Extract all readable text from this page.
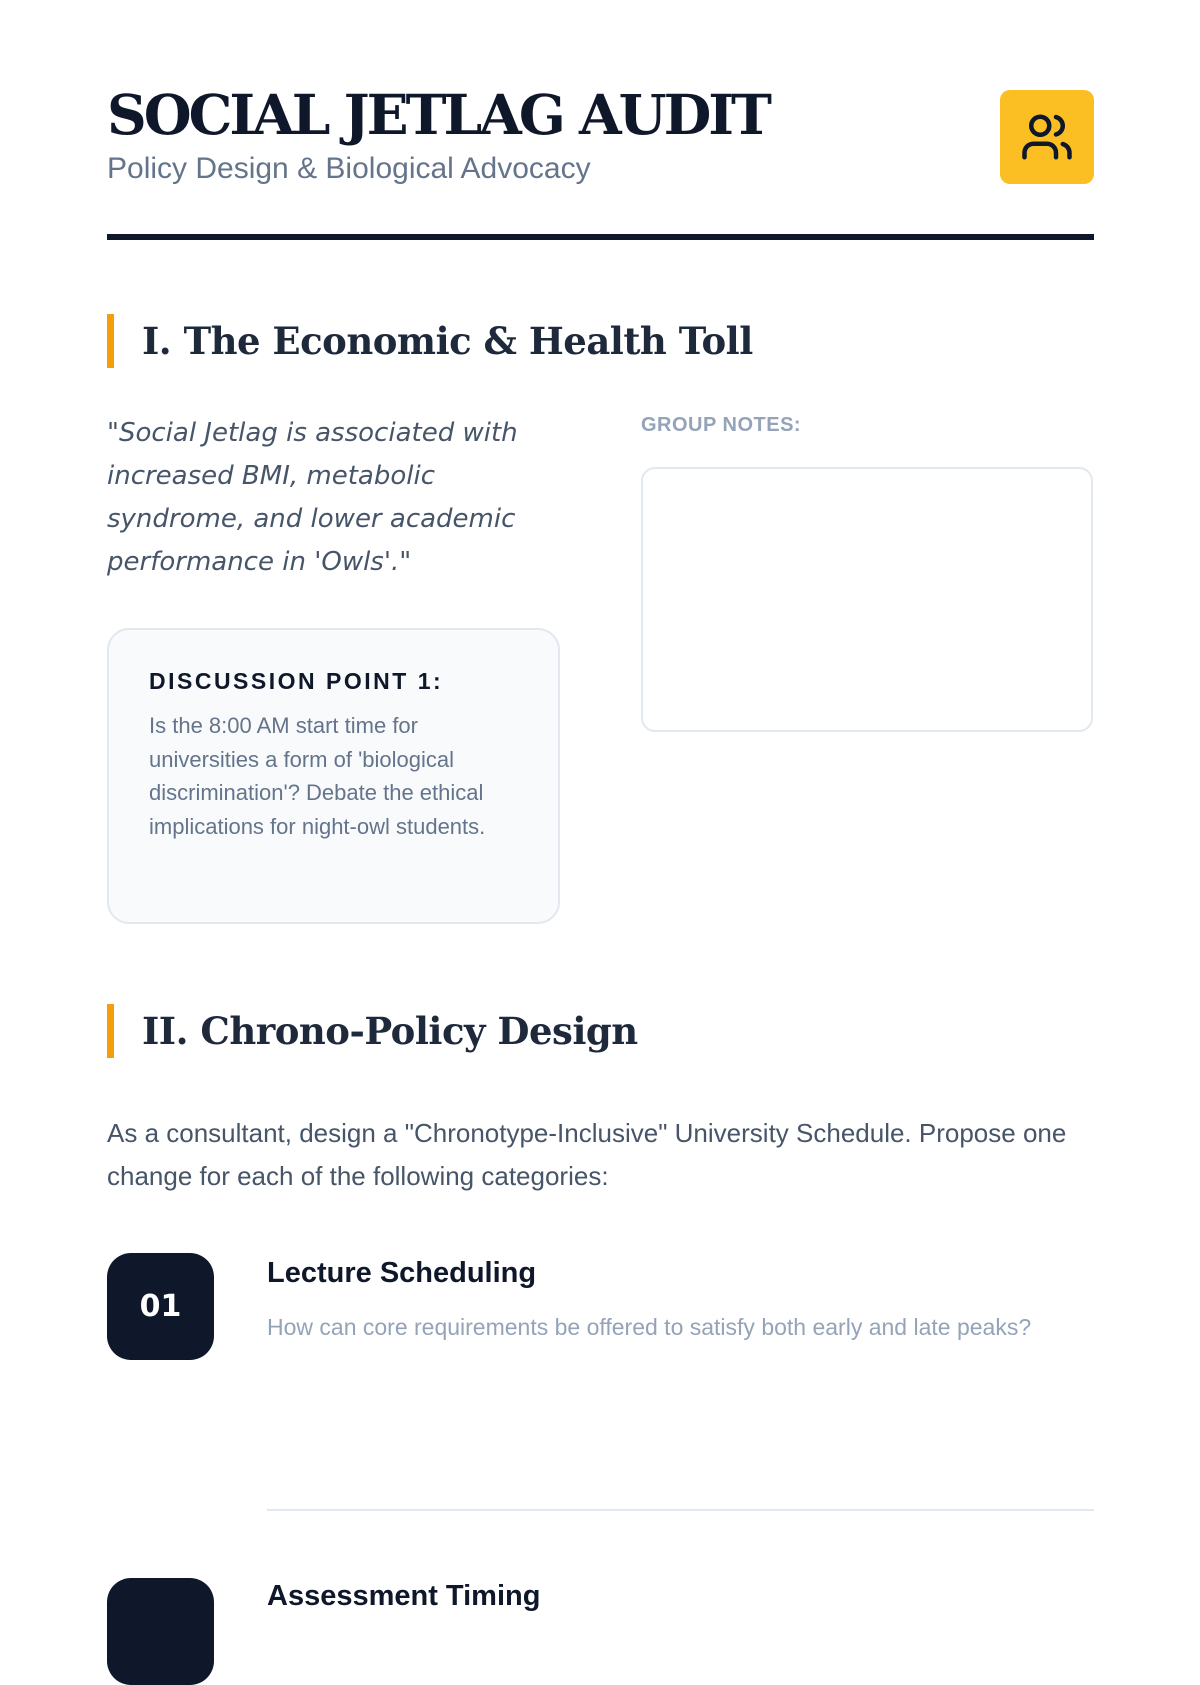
SOCIAL JETLAG AUDIT
Policy Design & Biological Advocacy
I. The Economic & Health Toll

"Social Jetlag is associated with increased BMI, metabolic syndrome, and lower academic performance in 'Owls'."

GROUP NOTES:
DISCUSSION POINT 1:

Is the 8:00 AM start time for universities a form of 'biological discrimination'? Debate the ethical implications for night-owl students.

II. Chrono-Policy Design

As a consultant, design a "Chronotype-Inclusive" University Schedule. Propose one change for each of the following categories:

01
Lecture Scheduling

How can core requirements be offered to satisfy both early and late peaks?

Assessment Timing
